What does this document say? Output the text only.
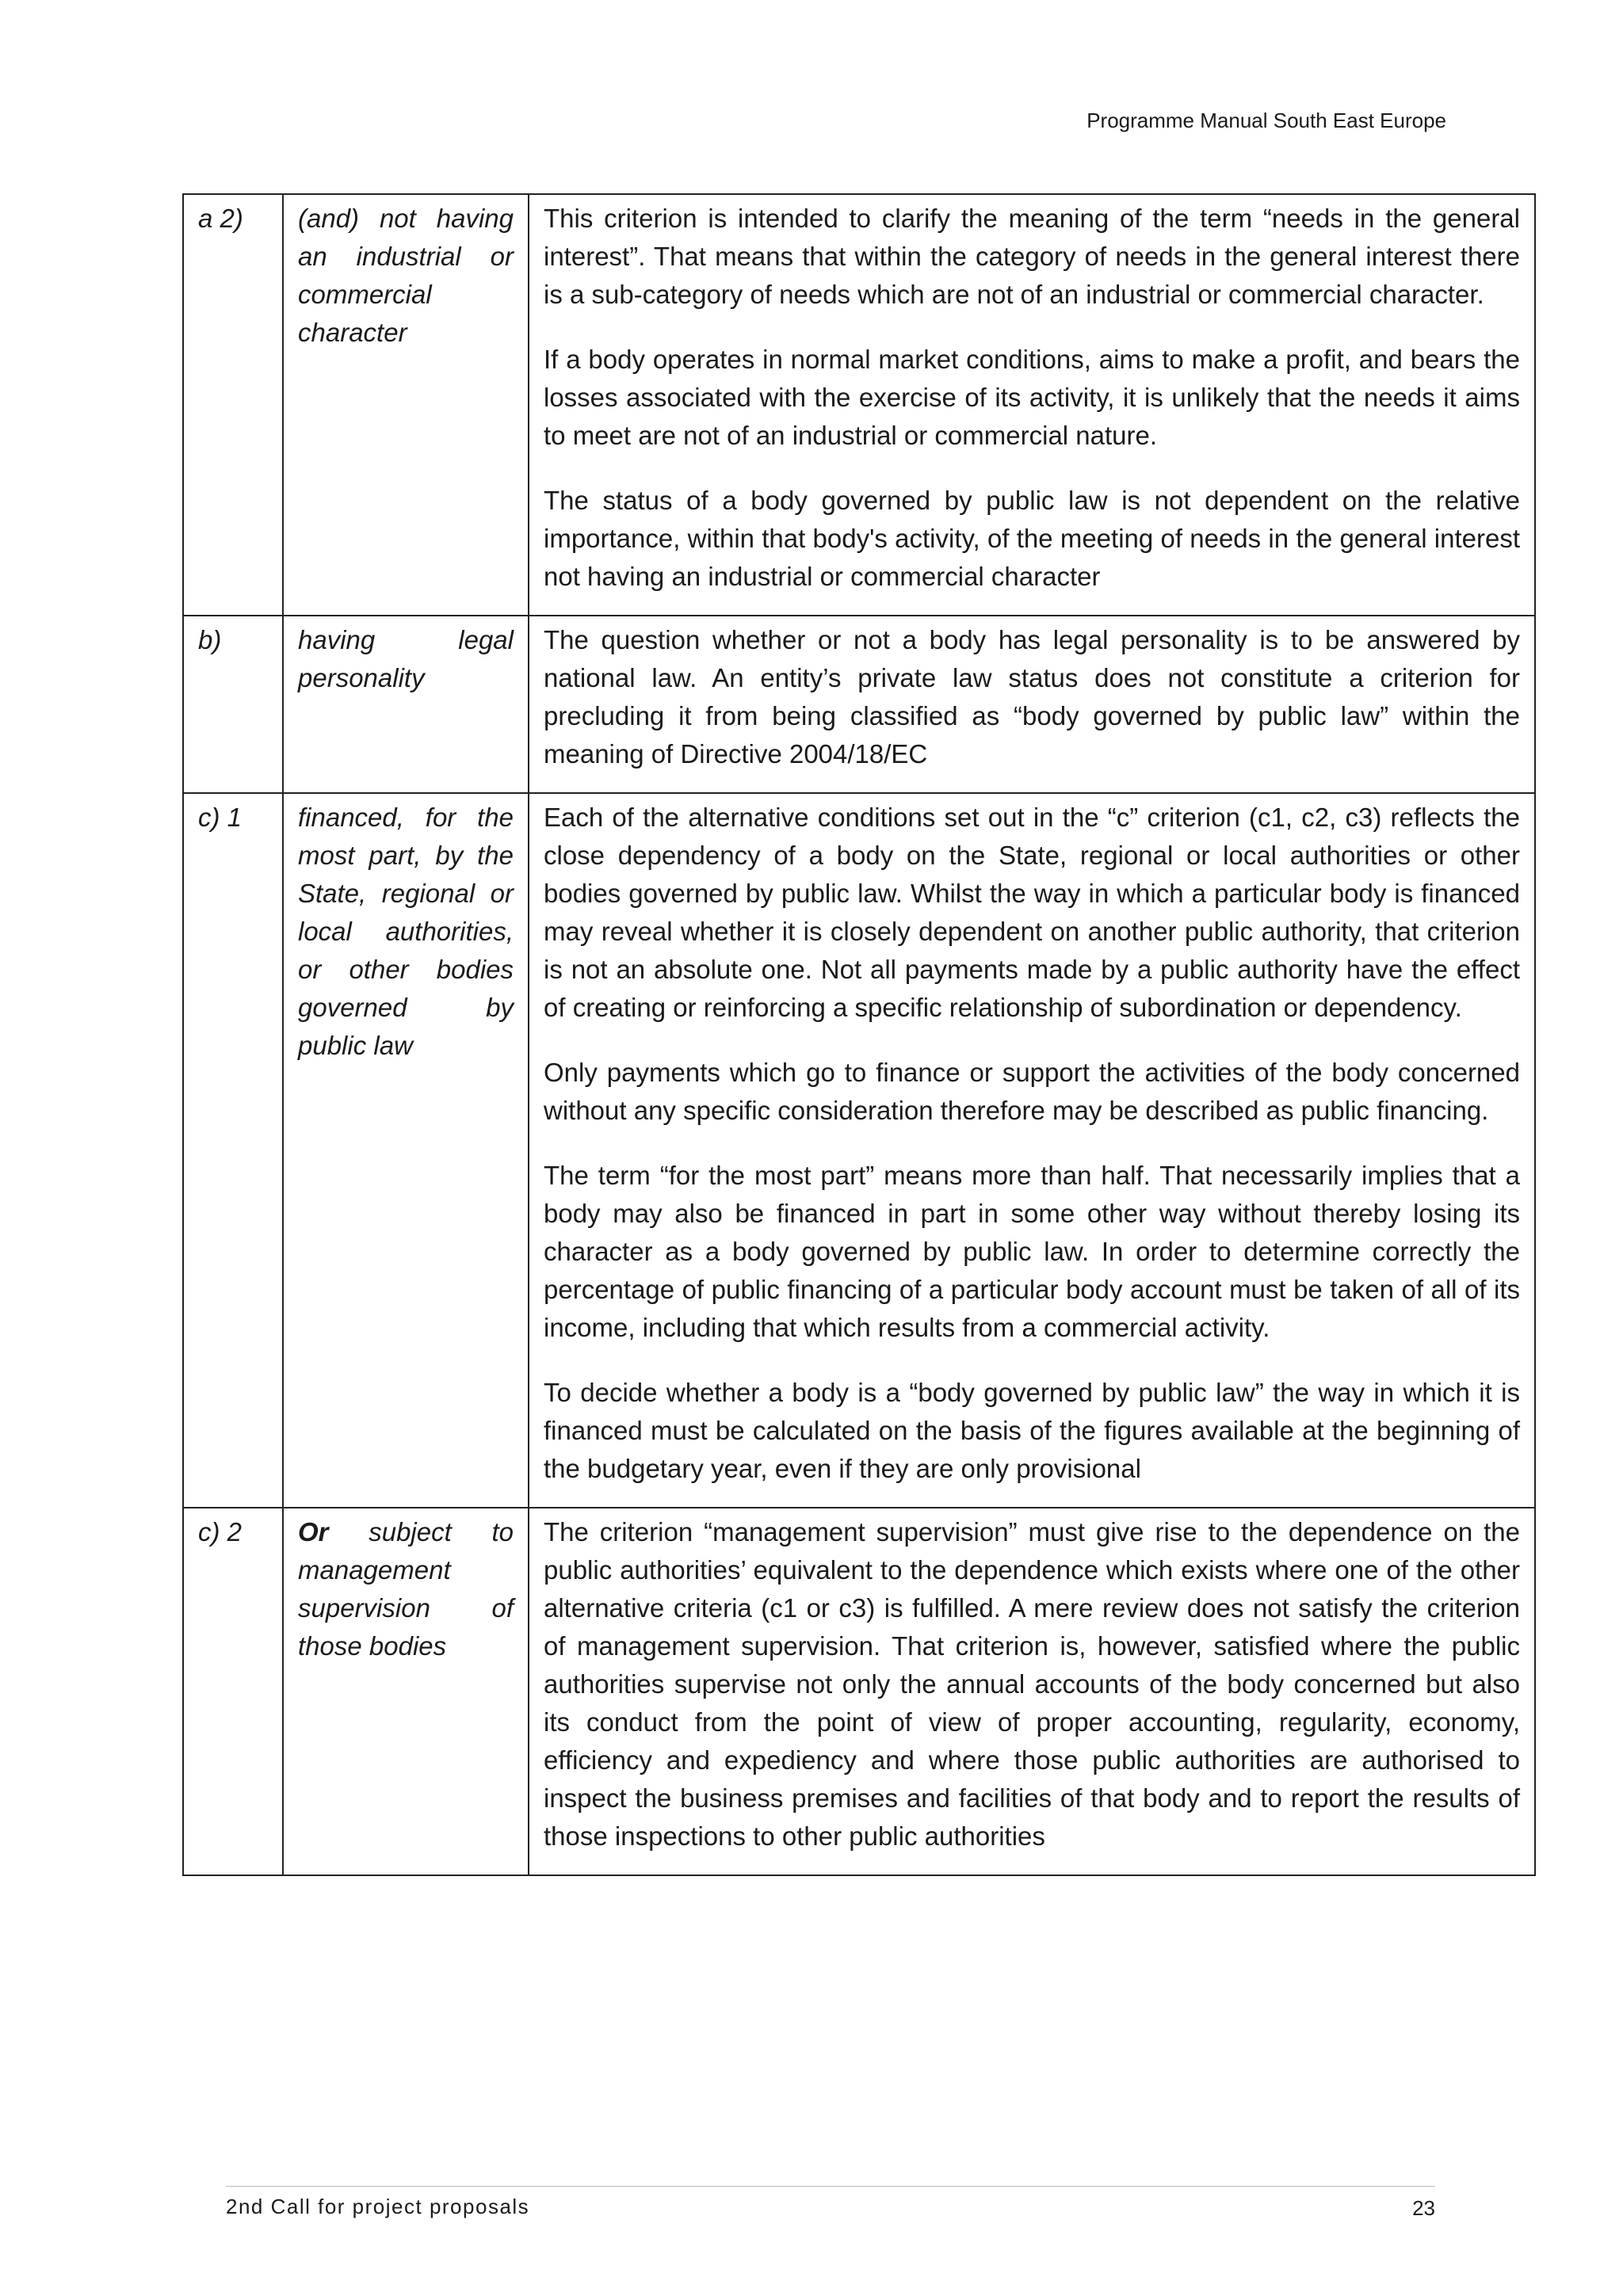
Programme Manual South East Europe
a 2)	(and) not having an industrial or commercial character	This criterion is intended to clarify the meaning of the term “needs in the general interest”. That means that within the category of needs in the general interest there is a sub-category of needs which are not of an industrial or commercial character.

If a body operates in normal market conditions, aims to make a profit, and bears the losses associated with the exercise of its activity, it is unlikely that the needs it aims to meet are not of an industrial or commercial nature.

The status of a body governed by public law is not dependent on the relative importance, within that body's activity, of the meeting of needs in the general interest not having an industrial or commercial character

b)	having legal personality	The question whether or not a body has legal personality is to be answered by national law. An entity’s private law status does not constitute a criterion for precluding it from being classified as “body governed by public law” within the meaning of Directive 2004/18/EC

c) 1	financed, for the most part, by the State, regional or local authorities, or other bodies governed by public law	Each of the alternative conditions set out in the “c” criterion (c1, c2, c3) reflects the close dependency of a body on the State, regional or local authorities or other bodies governed by public law. Whilst the way in which a particular body is financed may reveal whether it is closely dependent on another public authority, that criterion is not an absolute one. Not all payments made by a public authority have the effect of creating or reinforcing a specific relationship of subordination or dependency.

Only payments which go to finance or support the activities of the body concerned without any specific consideration therefore may be described as public financing.

The term “for the most part” means more than half. That necessarily implies that a body may also be financed in part in some other way without thereby losing its character as a body governed by public law. In order to determine correctly the percentage of public financing of a particular body account must be taken of all of its income, including that which results from a commercial activity.

To decide whether a body is a “body governed by public law” the way in which it is financed must be calculated on the basis of the figures available at the beginning of the budgetary year, even if they are only provisional

c) 2	Or subject to management supervision of those bodies	The criterion “management supervision” must give rise to the dependence on the public authorities’ equivalent to the dependence which exists where one of the other alternative criteria (c1 or c3) is fulfilled. A mere review does not satisfy the criterion of management supervision. That criterion is, however, satisfied where the public authorities supervise not only the annual accounts of the body concerned but also its conduct from the point of view of proper accounting, regularity, economy, efficiency and expediency and where those public authorities are authorised to inspect the business premises and facilities of that body and to report the results of those inspections to other public authorities

2nd Call for project proposals	23
